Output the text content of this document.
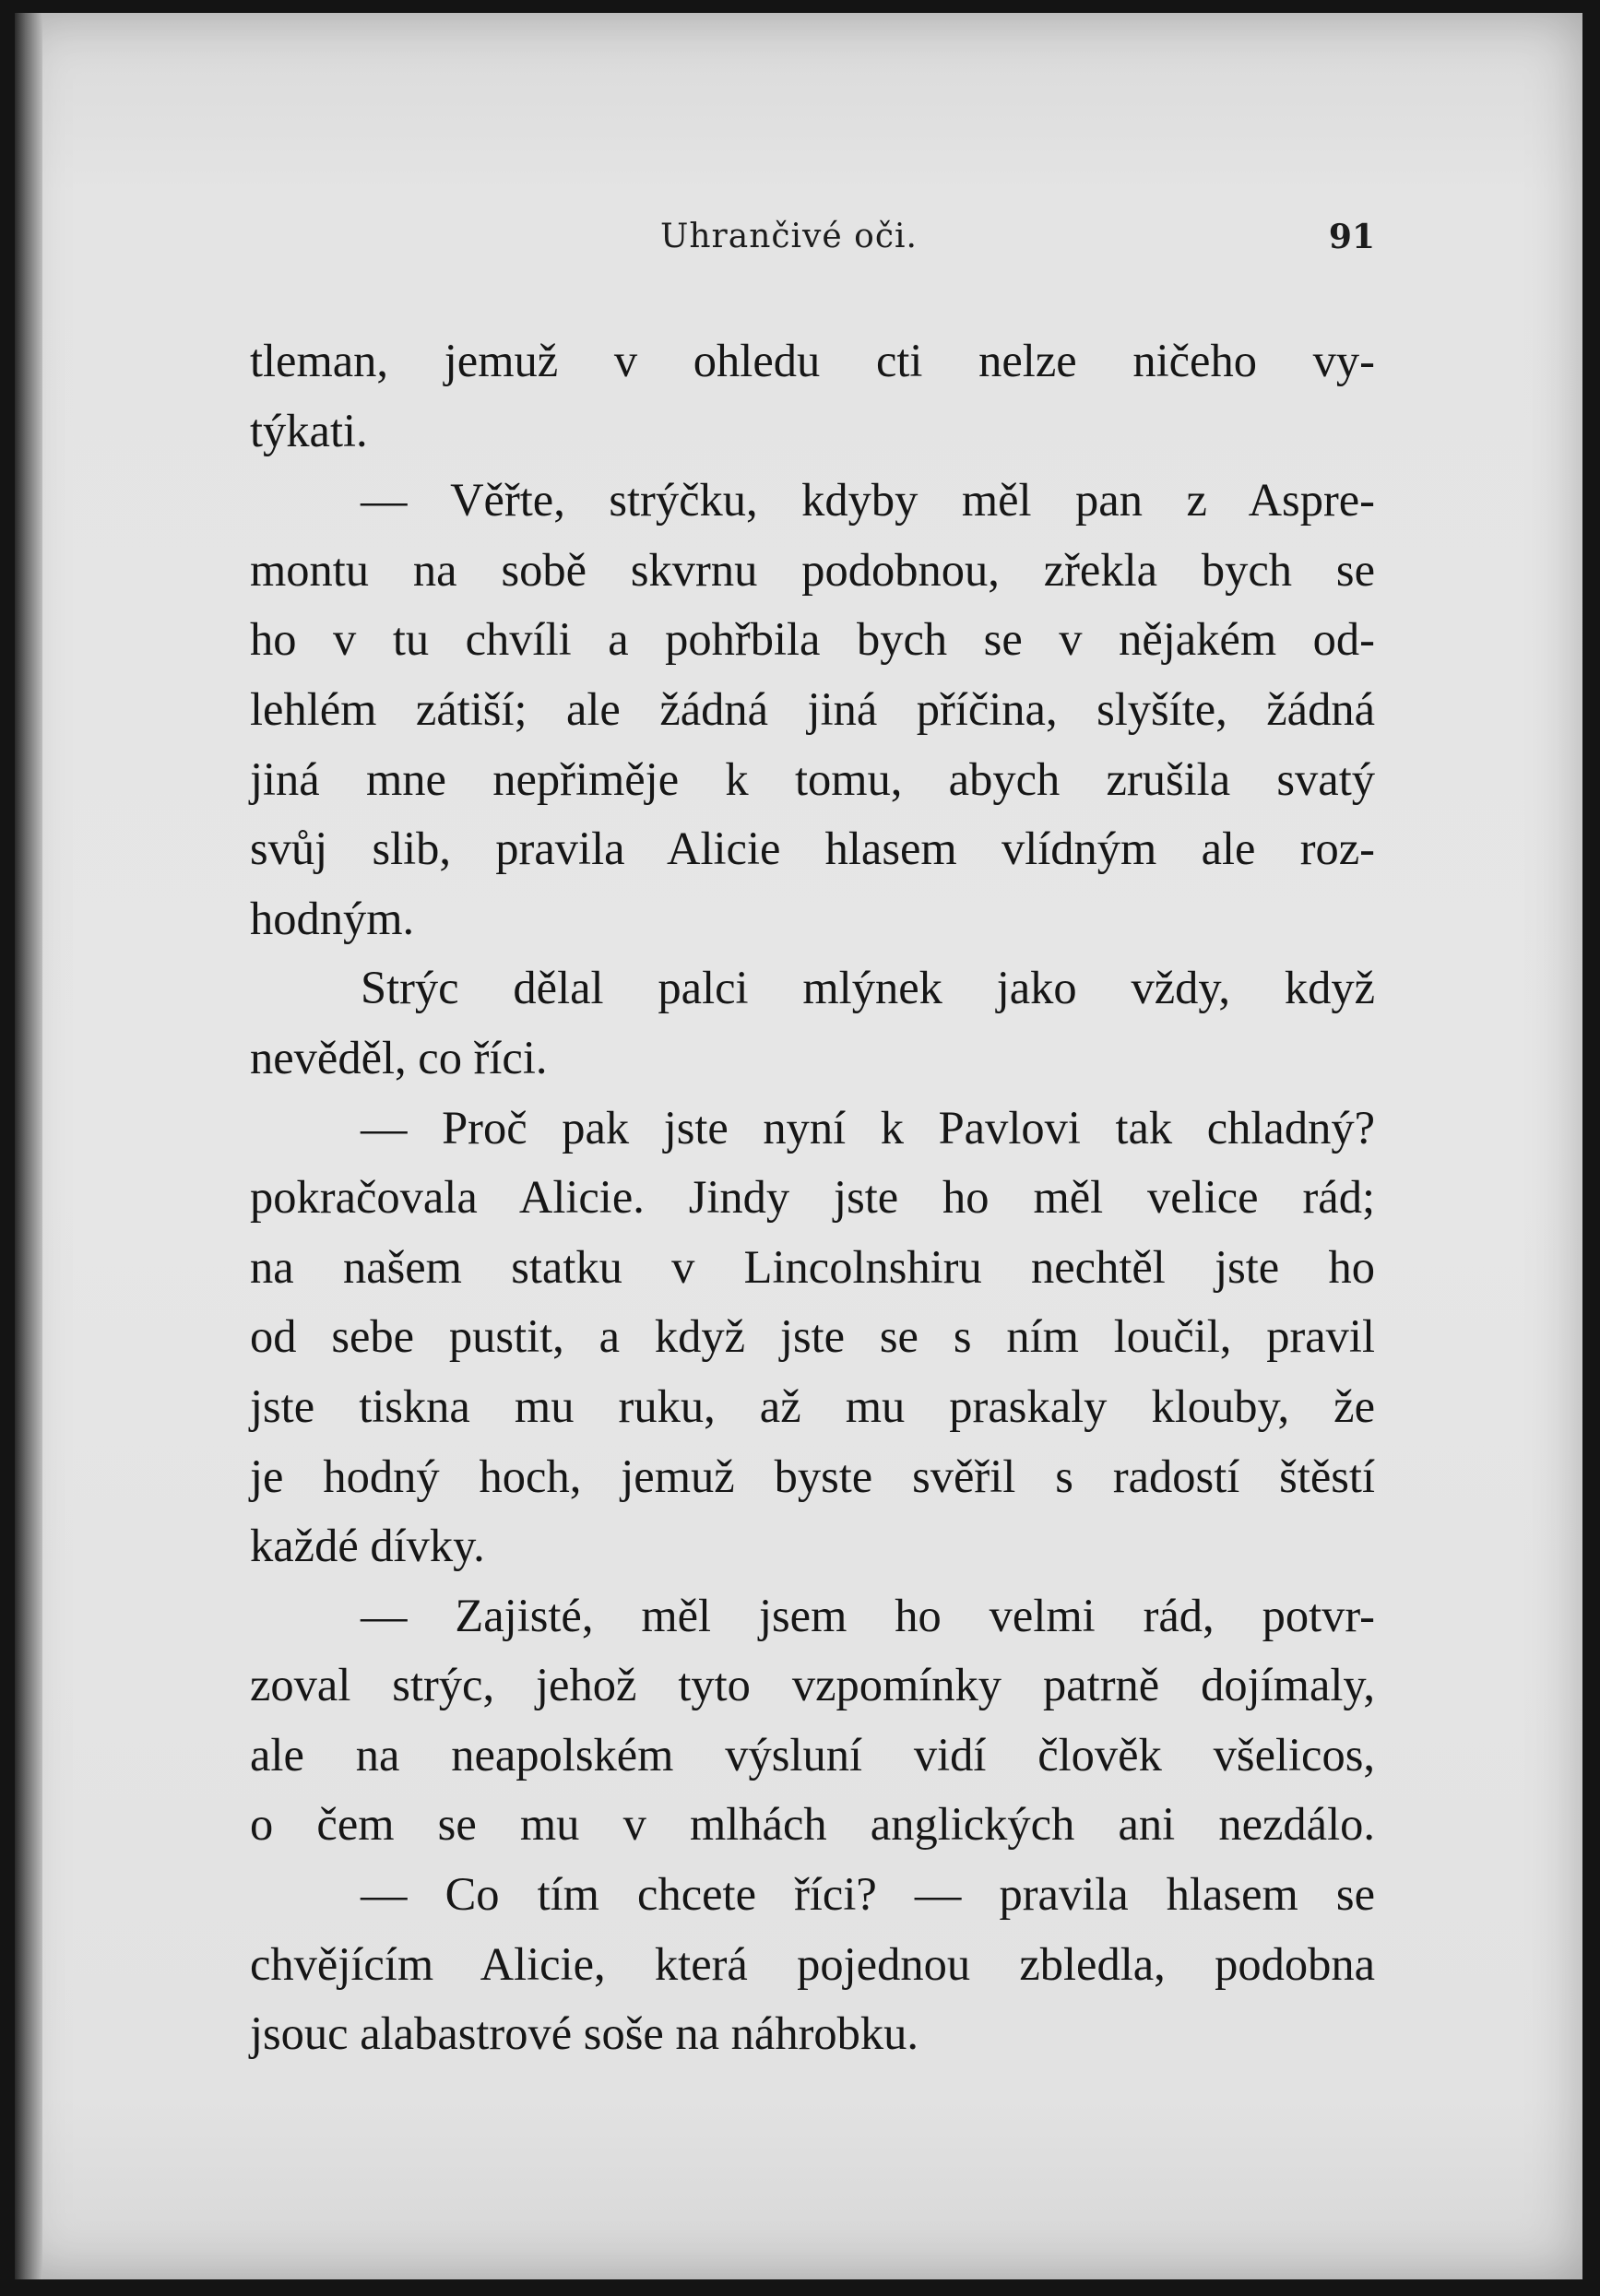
Uhrančivé oči.	91

tleman, jemuž v ohledu cti nelze ničeho vy-

týkati.

— Věřte, strýčku, kdyby měl pan z Aspre-

montu na sobě skvrnu podobnou, zřekla bych se

ho v tu chvíli a pohřbila bych se v nějakém od-

lehlém zátiší; ale žádná jiná příčina, slyšíte, žádná

jiná mne nepřiměje k tomu, abych zrušila svatý

svůj slib, pravila Alicie hlasem vlídným ale roz-

hodným.

Strýc dělal palci mlýnek jako vždy, když

nevěděl, co říci.

— Proč pak jste nyní k Pavlovi tak chladný?

pokračovala Alicie. Jindy jste ho měl velice rád;

na našem statku v Lincolnshiru nechtěl jste ho

od sebe pustit, a když jste se s ním loučil, pravil

jste tiskna mu ruku, až mu praskaly klouby, že

je hodný hoch, jemuž byste svěřil s radostí štěstí

každé dívky.

— Zajisté, měl jsem ho velmi rád, potvr-

zoval strýc, jehož tyto vzpomínky patrně dojímaly,

ale na neapolském výsluní vidí člověk všelicos,

o čem se mu v mlhách anglických ani nezdálo.

— Co tím chcete říci? — pravila hlasem se

chvějícím Alicie, která pojednou zbledla, podobna

jsouc alabastrové soše na náhrobku.
